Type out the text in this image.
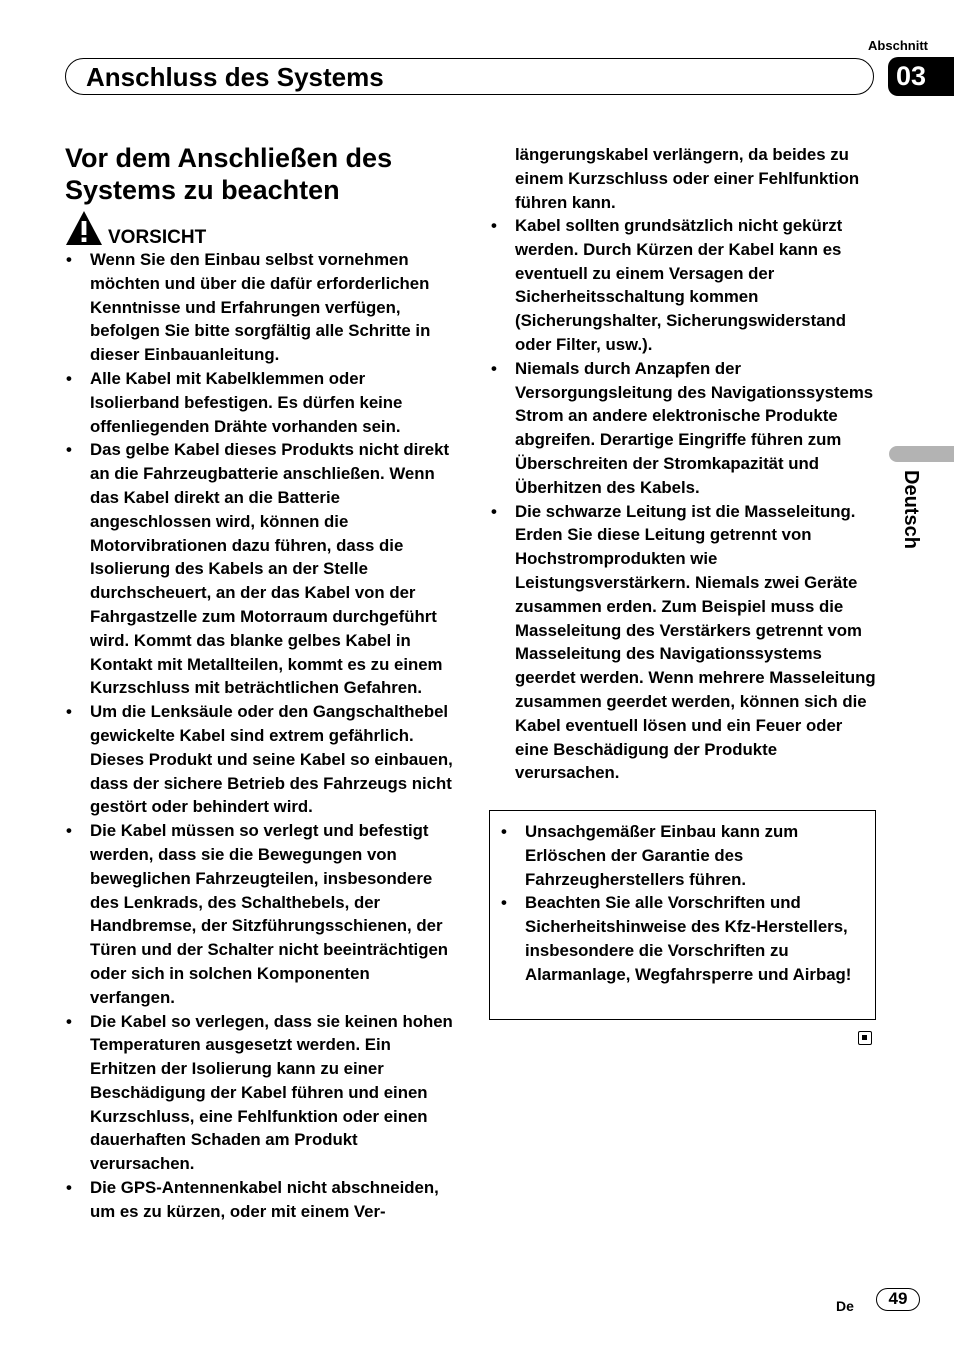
Abschnitt
Anschluss des Systems	03
Vor dem Anschließen des
Systems zu beachten
VORSICHT
• Wenn Sie den Einbau selbst vornehmen möchten und über die dafür erforderlichen Kenntnisse und Erfahrungen verfügen, befolgen Sie bitte sorgfältig alle Schritte in dieser Einbauanleitung.
• Alle Kabel mit Kabelklemmen oder Isolierband befestigen. Es dürfen keine offenliegenden Drähte vorhanden sein.
• Das gelbe Kabel dieses Produkts nicht direkt an die Fahrzeugbatterie anschließen. Wenn das Kabel direkt an die Batterie angeschlossen wird, können die Motorvibrationen dazu führen, dass die Isolierung des Kabels an der Stelle durchscheuert, an der das Kabel von der Fahrgastzelle zum Motorraum durchgeführt wird. Kommt das blanke gelbes Kabel in Kontakt mit Metallteilen, kommt es zu einem Kurzschluss mit beträchtlichen Gefahren.
• Um die Lenksäule oder den Gangschalthebel gewickelte Kabel sind extrem gefährlich. Dieses Produkt und seine Kabel so einbauen, dass der sichere Betrieb des Fahrzeugs nicht gestört oder behindert wird.
• Die Kabel müssen so verlegt und befestigt werden, dass sie die Bewegungen von beweglichen Fahrzeugteilen, insbesondere des Lenkrads, des Schalthebels, der Handbremse, der Sitzführungsschienen, der Türen und der Schalter nicht beeinträchtigen oder sich in solchen Komponenten verfangen.
• Die Kabel so verlegen, dass sie keinen hohen Temperaturen ausgesetzt werden. Ein Erhitzen der Isolierung kann zu einer Beschädigung der Kabel führen und einen Kurzschluss, eine Fehlfunktion oder einen dauerhaften Schaden am Produkt verursachen.
• Die GPS-Antennenkabel nicht abschneiden, um es zu kürzen, oder mit einem Ver-

längerungskabel verlängern, da beides zu einem Kurzschluss oder einer Fehlfunktion führen kann.

• Kabel sollten grundsätzlich nicht gekürzt werden. Durch Kürzen der Kabel kann es eventuell zu einem Versagen der Sicherheitsschaltung kommen (Sicherungshalter, Sicherungswiderstand oder Filter, usw.).
• Niemals durch Anzapfen der Versorgungsleitung des Navigationssystems Strom an andere elektronische Produkte abgreifen. Derartige Eingriffe führen zum Überschreiten der Stromkapazität und Überhitzen des Kabels.
• Die schwarze Leitung ist die Masseleitung. Erden Sie diese Leitung getrennt von Hochstromprodukten wie Leistungsverstärkern. Niemals zwei Geräte zusammen erden. Zum Beispiel muss die Masseleitung des Verstärkers getrennt vom Masseleitung des Navigationssystems geerdet werden. Wenn mehrere Masseleitung zusammen geerdet werden, können sich die Kabel eventuell lösen und ein Feuer oder eine Beschädigung der Produkte verursachen.
• Unsachgemäßer Einbau kann zum Erlöschen der Garantie des Fahrzeugherstellers führen.
• Beachten Sie alle Vorschriften und Sicherheitshinweise des Kfz-Herstellers, insbesondere die Vorschriften zu Alarmanlage, Wegfahrsperre und Airbag!
Deutsch
De	49
